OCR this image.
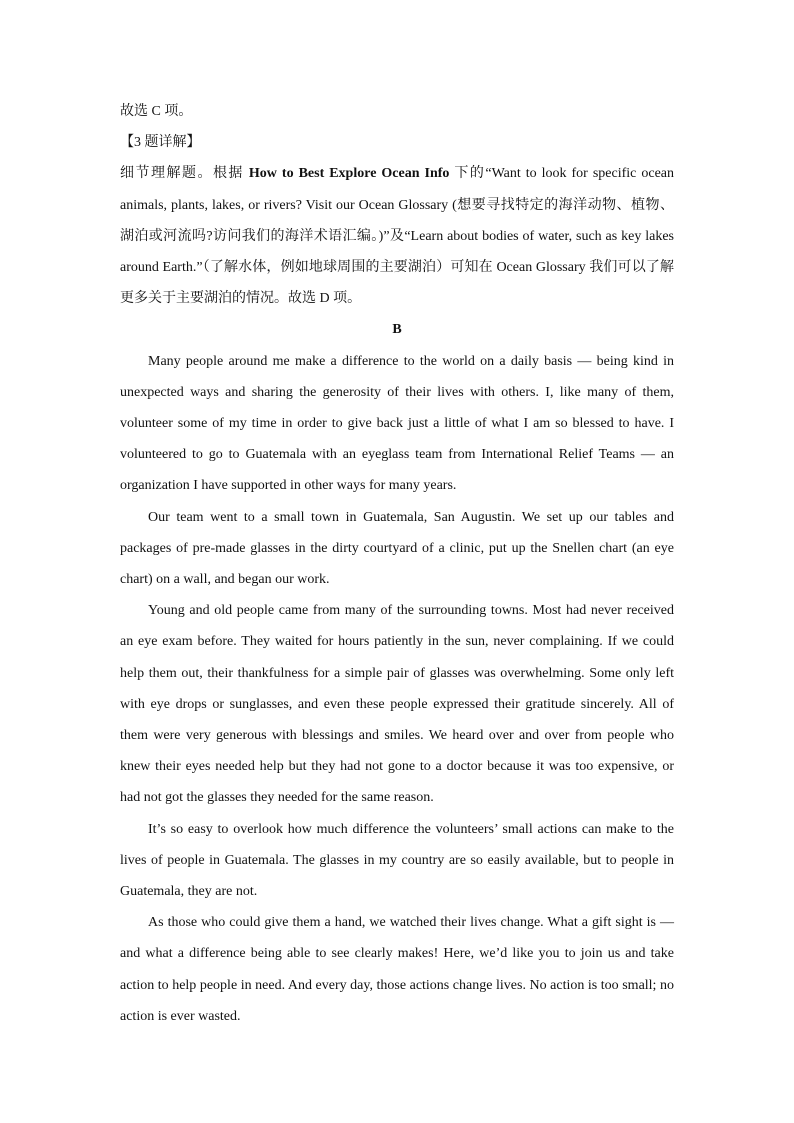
故选 C 项。

【3 题详解】

细节理解题。根据 How to Best Explore Ocean Info 下的“Want to look for specific ocean animals, plants, lakes, or rivers? Visit our Ocean Glossary (想要寻找特定的海洋动物、植物、湖泊或河流吗?访问我们的海洋术语汇编。)”及“Learn about bodies of water, such as key lakes around Earth.”（了解水体，例如地球周围的主要湖泊）可知在 Ocean Glossary 我们可以了解更多关于主要湖泊的情况。故选 D 项。

B

Many people around me make a difference to the world on a daily basis — being kind in unexpected ways and sharing the generosity of their lives with others. I, like many of them, volunteer some of my time in order to give back just a little of what I am so blessed to have. I volunteered to go to Guatemala with an eyeglass team from International Relief Teams — an organization I have supported in other ways for many years.

Our team went to a small town in Guatemala, San Augustin. We set up our tables and packages of pre-made glasses in the dirty courtyard of a clinic, put up the Snellen chart (an eye chart) on a wall, and began our work.

Young and old people came from many of the surrounding towns. Most had never received an eye exam before. They waited for hours patiently in the sun, never complaining. If we could help them out, their thankfulness for a simple pair of glasses was overwhelming. Some only left with eye drops or sunglasses, and even these people expressed their gratitude sincerely. All of them were very generous with blessings and smiles. We heard over and over from people who knew their eyes needed help but they had not gone to a doctor because it was too expensive, or had not got the glasses they needed for the same reason.

It’s so easy to overlook how much difference the volunteers’ small actions can make to the lives of people in Guatemala. The glasses in my country are so easily available, but to people in Guatemala, they are not.

As those who could give them a hand, we watched their lives change. What a gift sight is — and what a difference being able to see clearly makes! Here, we’d like you to join us and take action to help people in need. And every day, those actions change lives. No action is too small; no action is ever wasted.
